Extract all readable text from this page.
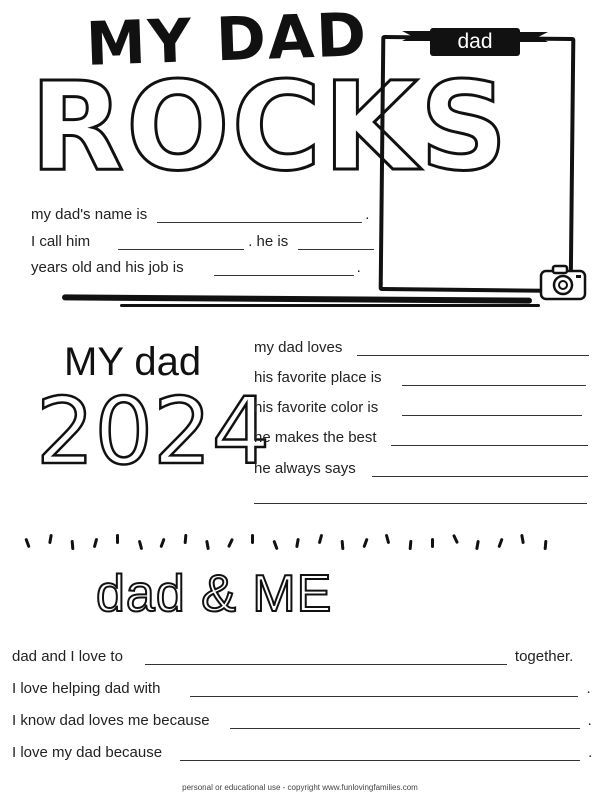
MY DAD
ROCKS
my dad's name is	.
I call him	. he is
years old and his job is	.
dad
MY dad
2024
my dad loves
his favorite place is
his favorite color is
he makes the best
he always says
dad & ME
dad and I love to	together.
I love helping dad with	.
I know dad loves me because	.
I love my dad because	.
personal or educational use - copyright www.funlovingfamilies.com
